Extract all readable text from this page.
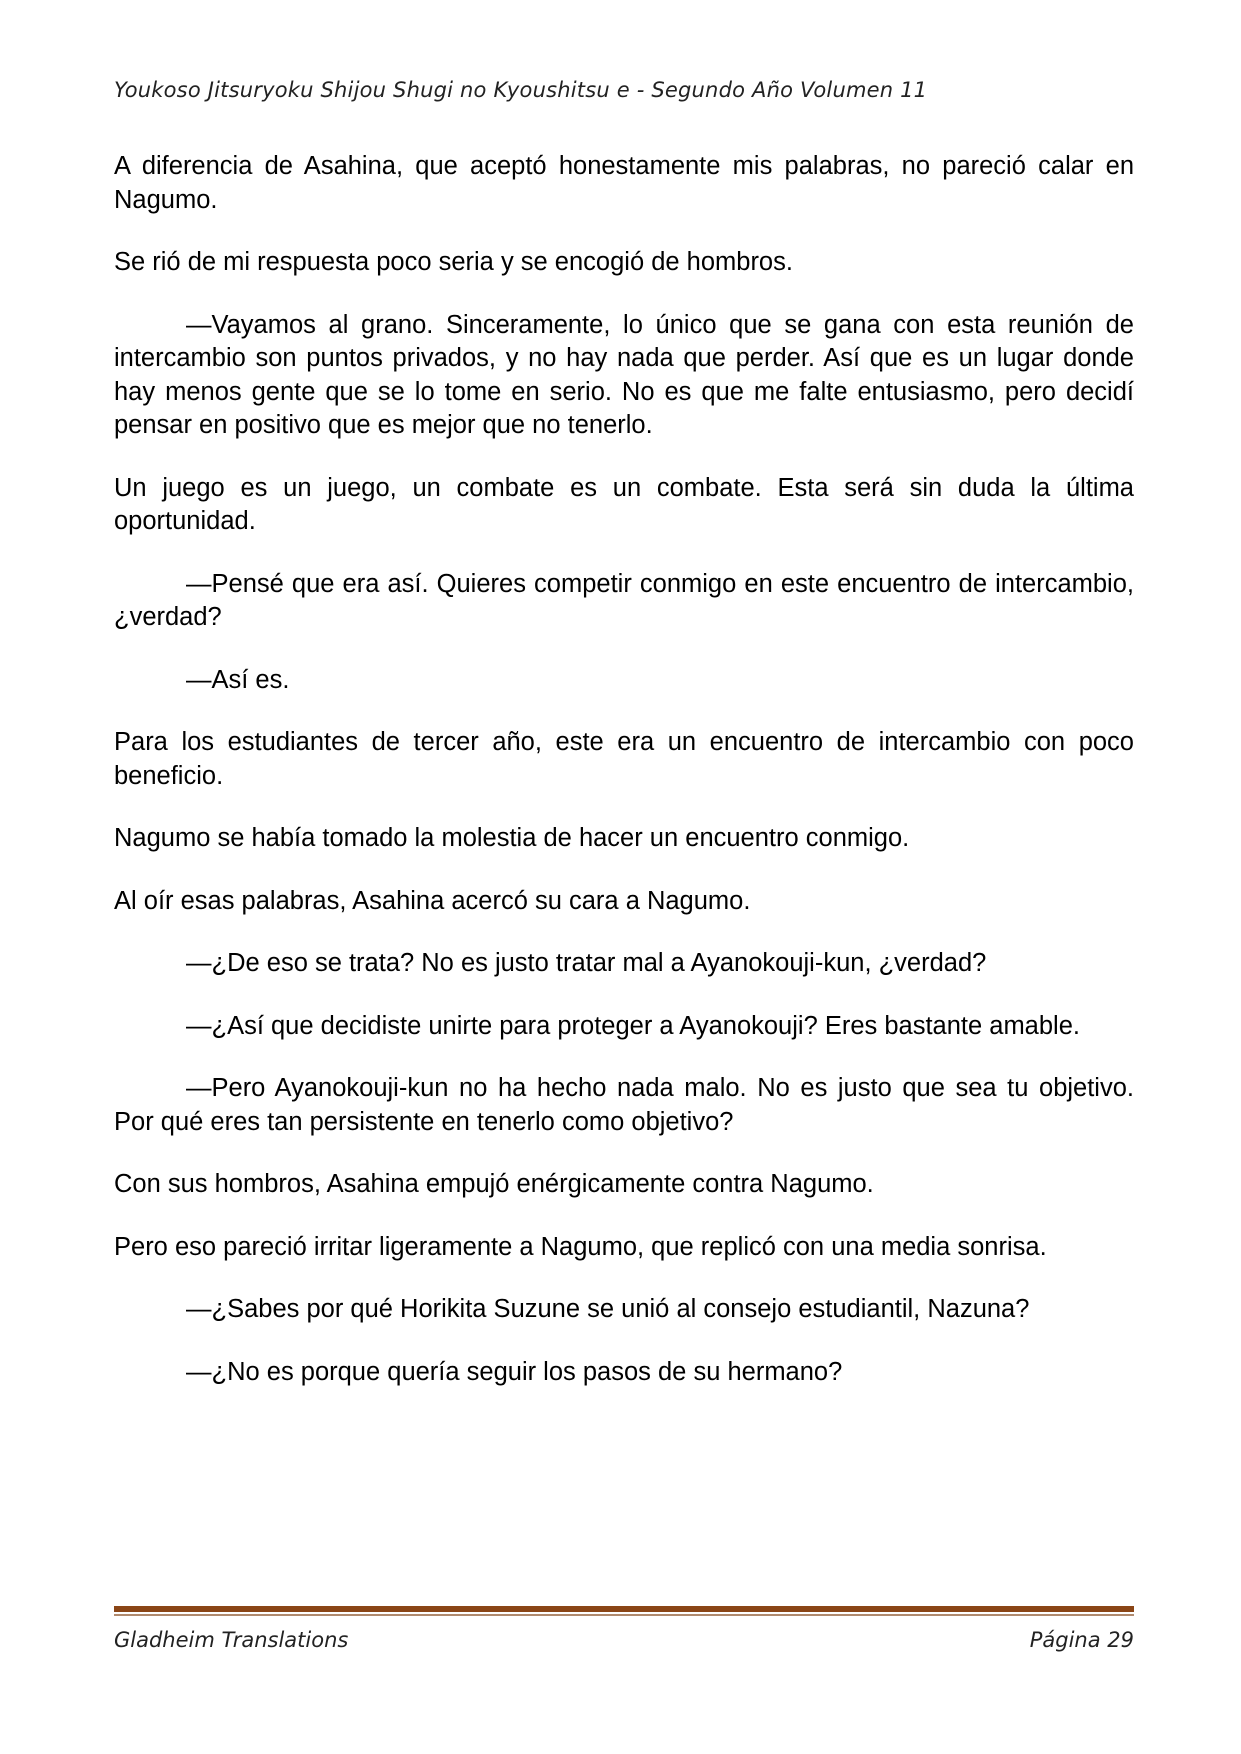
Youkoso Jitsuryoku Shijou Shugi no Kyoushitsu e - Segundo Año Volumen 11

A diferencia de Asahina, que aceptó honestamente mis palabras, no pareció calar en Nagumo.

Se rió de mi respuesta poco seria y se encogió de hombros.

—Vayamos al grano. Sinceramente, lo único que se gana con esta reunión de intercambio son puntos privados, y no hay nada que perder. Así que es un lugar donde hay menos gente que se lo tome en serio. No es que me falte entusiasmo, pero decidí pensar en positivo que es mejor que no tenerlo.

Un juego es un juego, un combate es un combate. Esta será sin duda la última oportunidad.

—Pensé que era así. Quieres competir conmigo en este encuentro de intercambio, ¿verdad?

—Así es.

Para los estudiantes de tercer año, este era un encuentro de intercambio con poco beneficio.

Nagumo se había tomado la molestia de hacer un encuentro conmigo.

Al oír esas palabras, Asahina acercó su cara a Nagumo.

—¿De eso se trata? No es justo tratar mal a Ayanokouji-kun, ¿verdad?

—¿Así que decidiste unirte para proteger a Ayanokouji? Eres bastante amable.

—Pero Ayanokouji-kun no ha hecho nada malo. No es justo que sea tu objetivo. Por qué eres tan persistente en tenerlo como objetivo?

Con sus hombros, Asahina empujó enérgicamente contra Nagumo.

Pero eso pareció irritar ligeramente a Nagumo, que replicó con una media sonrisa.

—¿Sabes por qué Horikita Suzune se unió al consejo estudiantil, Nazuna?

—¿No es porque quería seguir los pasos de su hermano?

Gladheim Translations	Página 29
